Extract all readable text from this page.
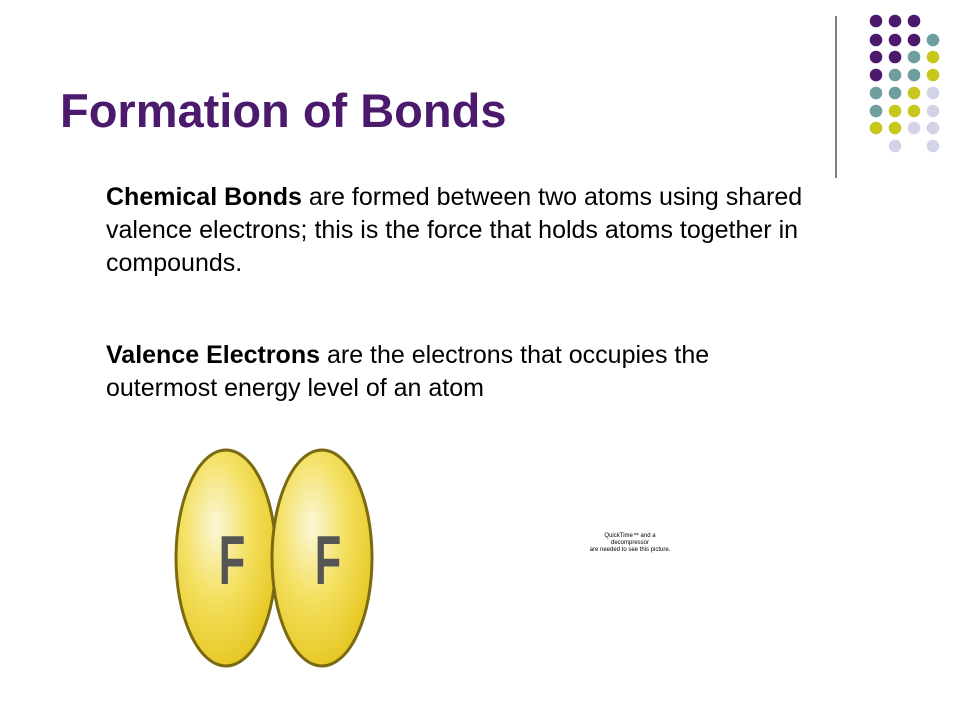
Formation of Bonds
Chemical Bonds are formed between two atoms using shared valence electrons; this is the force that holds atoms together in compounds.
Valence Electrons are the electrons that occupies the outermost energy level of an atom
F F	QuickTime™ and a
decompressor
are needed to see this picture.
